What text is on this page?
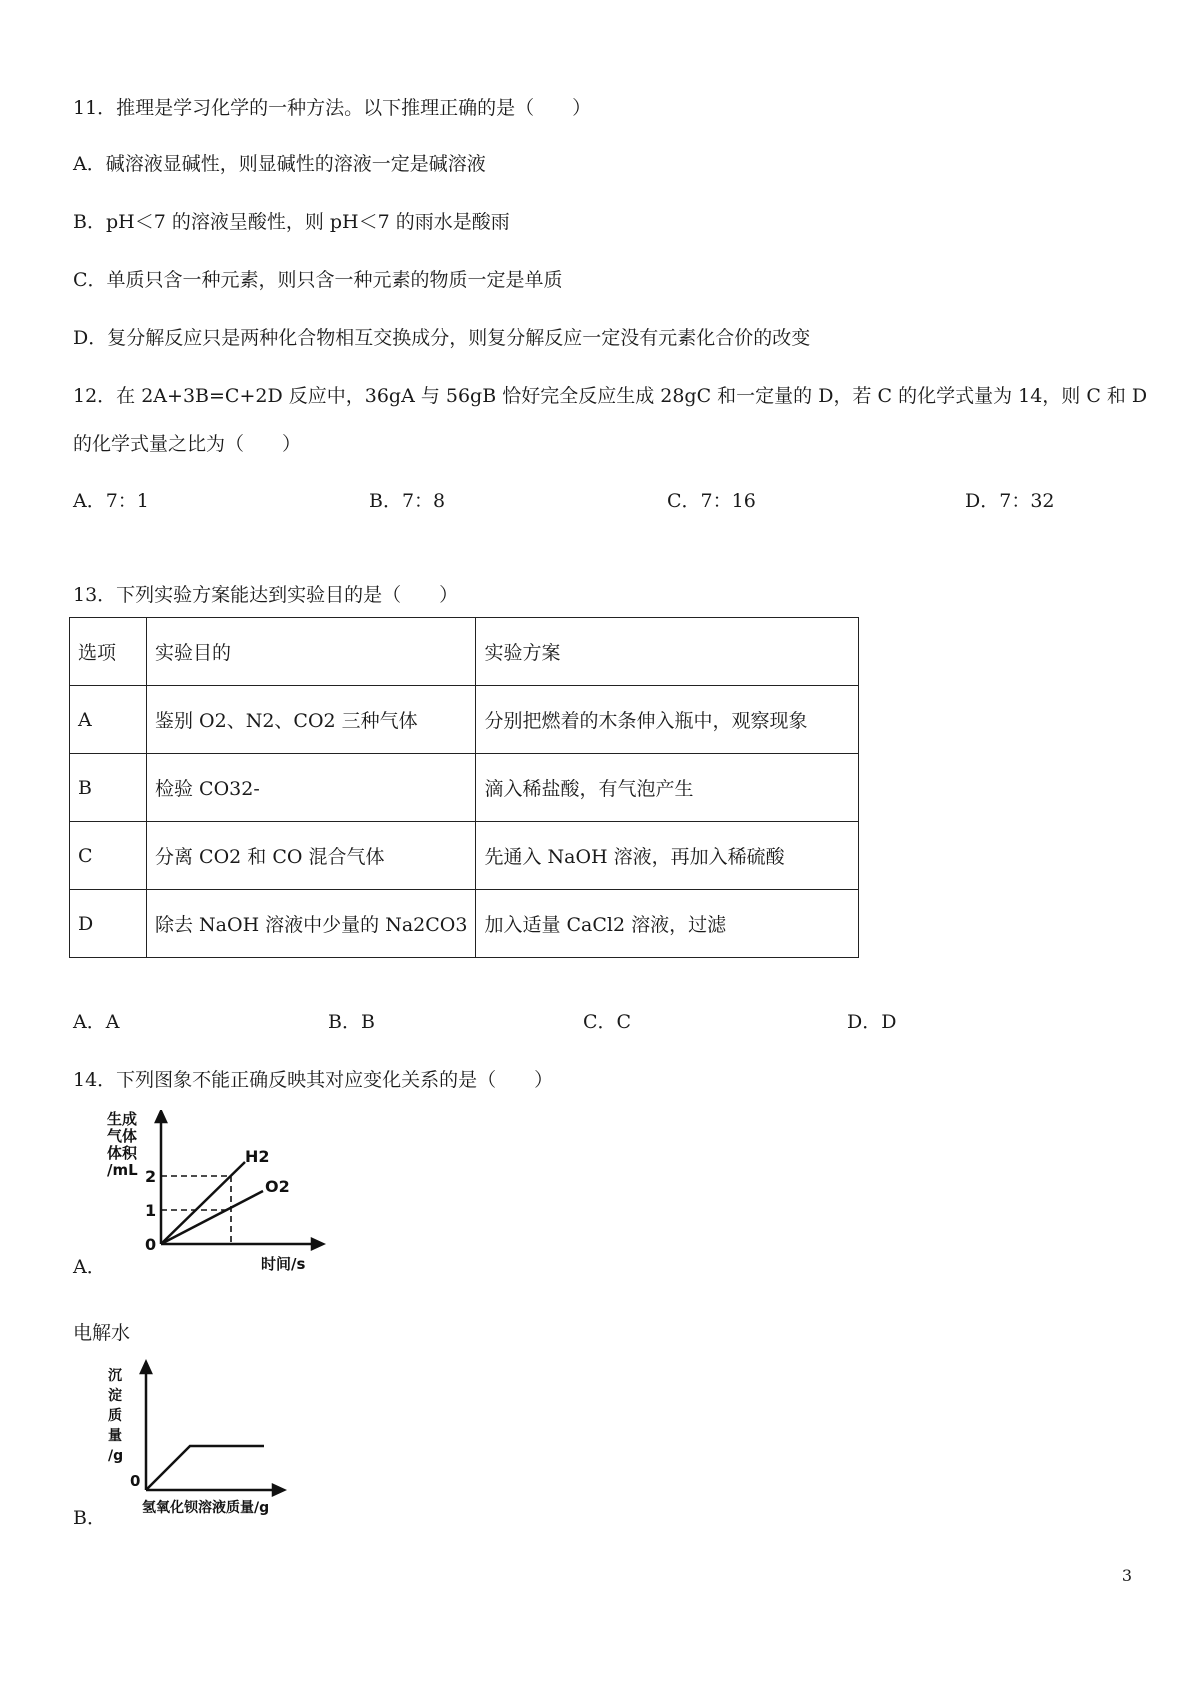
11．推理是学习化学的一种方法。以下推理正确的是（　　）
A．碱溶液显碱性，则显碱性的溶液一定是碱溶液
B．pH＜7 的溶液呈酸性，则 pH＜7 的雨水是酸雨
C．单质只含一种元素，则只含一种元素的物质一定是单质
D．复分解反应只是两种化合物相互交换成分，则复分解反应一定没有元素化合价的改变
12．在 2A+3B=C+2D 反应中，36gA 与 56gB 恰好完全反应生成 28gC 和一定量的 D，若 C 的化学式量为 14，则 C 和 D
的化学式量之比为（　　）
A．7：1	B．7：8	C．7：16	D．7：32
13．下列实验方案能达到实验目的是（　　）
选项	实验目的	实验方案
A	鉴别 O2、N2、CO2 三种气体	分别把燃着的木条伸入瓶中，观察现象
B	检验 CO32-	滴入稀盐酸，有气泡产生
C	分离 CO2 和 CO 混合气体	先通入 NaOH 溶液，再加入稀硫酸
D	除去 NaOH 溶液中少量的 Na2CO3	加入适量 CaCl2 溶液，过滤
A．A	B．B	C．C	D．D
14．下列图象不能正确反映其对应变化关系的是（　　）
生成
气体
体积
/mL 2
1
0
H2
O2
时间/s
A．
电解水
沉
淀
质
量
/g
0
氢氧化钡溶液质量/g
B．
3
